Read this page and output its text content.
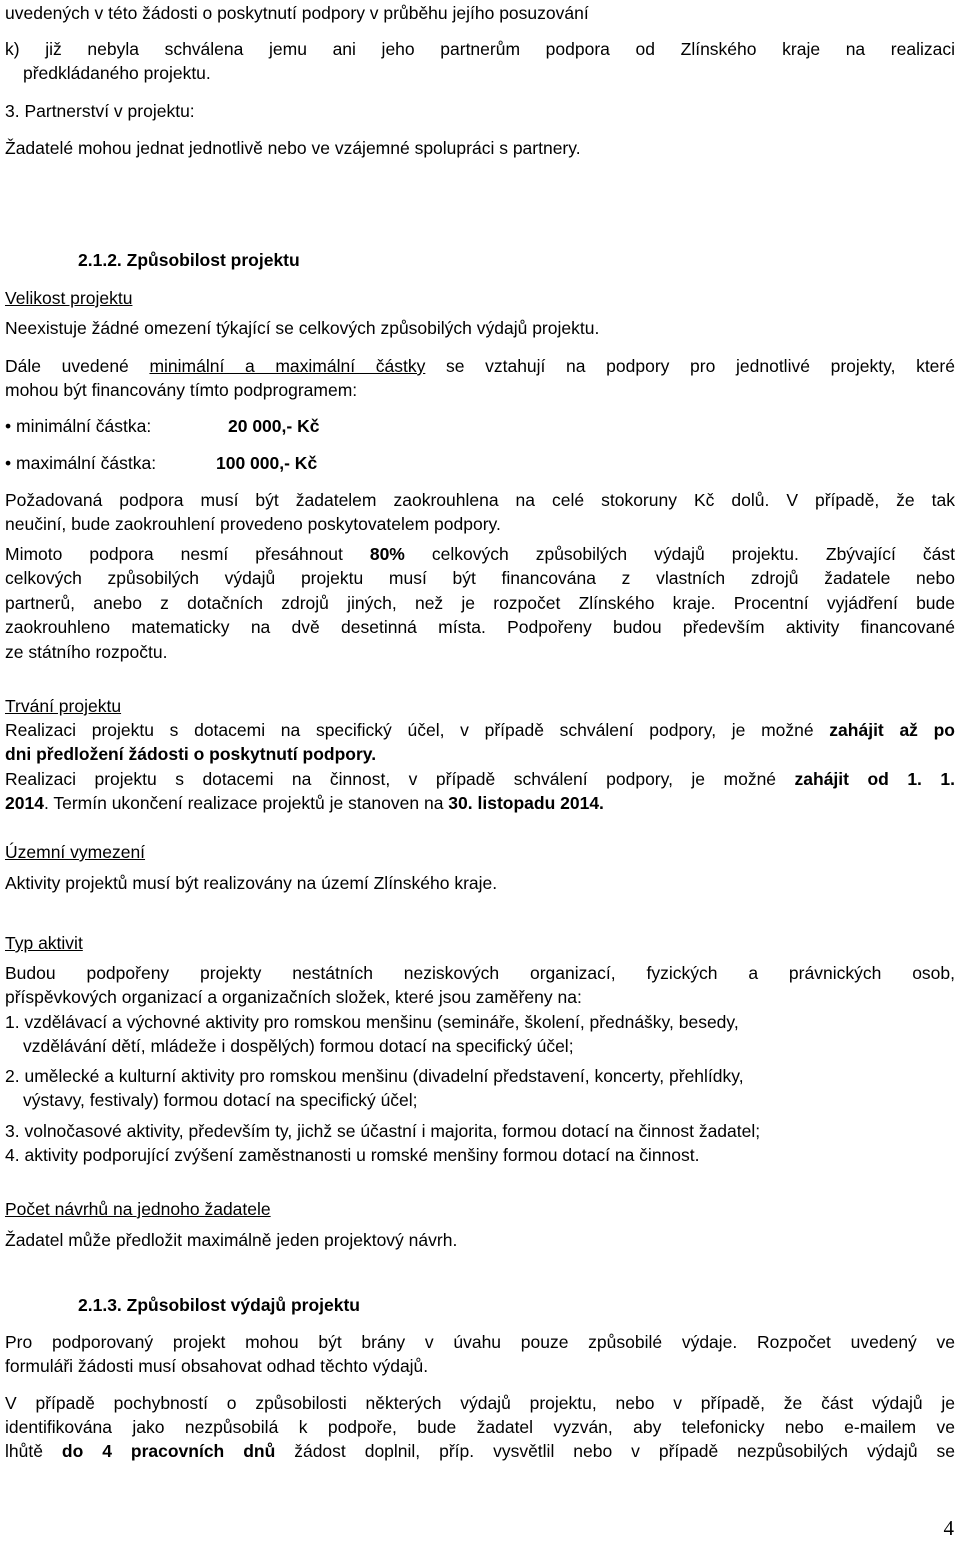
uvedených v této žádosti o poskytnutí podpory v průběhu jejího posuzování
k) již nebyla schválena jemu ani jeho partnerům podpora od Zlínského kraje na realizaci
předkládaného projektu.
3. Partnerství v projektu:
Žadatelé mohou jednat jednotlivě nebo ve vzájemné spolupráci s partnery.
2.1.2. Způsobilost projektu
Velikost projektu
Neexistuje žádné omezení týkající se celkových způsobilých výdajů projektu.
Dále uvedené minimální a maximální částky se vztahují na podpory pro jednotlivé projekty, které
mohou být financovány tímto podprogramem:
• minimální částka:	20 000,- Kč
• maximální částka:	100 000,- Kč
Požadovaná podpora musí být žadatelem zaokrouhlena na celé stokoruny Kč dolů. V případě, že tak
neučiní, bude zaokrouhlení provedeno poskytovatelem podpory.
Mimoto podpora nesmí přesáhnout 80% celkových způsobilých výdajů projektu. Zbývající část
celkových způsobilých výdajů projektu musí být financována z vlastních zdrojů žadatele nebo
partnerů, anebo z dotačních zdrojů jiných, než je rozpočet Zlínského kraje. Procentní vyjádření bude
zaokrouhleno matematicky na dvě desetinná místa. Podpořeny budou především aktivity financované
ze státního rozpočtu.
Trvání projektu
Realizaci projektu s dotacemi na specifický účel, v případě schválení podpory, je možné zahájit až po
dni předložení žádosti o poskytnutí podpory.
Realizaci projektu s dotacemi na činnost, v případě schválení podpory, je možné zahájit od 1. 1.
2014. Termín ukončení realizace projektů je stanoven na 30. listopadu 2014.
Územní vymezení
Aktivity projektů musí být realizovány na území Zlínského kraje.
Typ aktivit
Budou podpořeny projekty nestátních neziskových organizací, fyzických a právnických osob,
příspěvkových organizací a organizačních složek, které jsou zaměřeny na:
1. vzdělávací a výchovné aktivity pro romskou menšinu (semináře, školení, přednášky, besedy,
vzdělávání dětí, mládeže i dospělých) formou dotací na specifický účel;
2. umělecké a kulturní aktivity pro romskou menšinu (divadelní představení, koncerty, přehlídky,
výstavy, festivaly) formou dotací na specifický účel;
3. volnočasové aktivity, především ty, jichž se účastní i majorita, formou dotací na činnost žadatel;
4. aktivity podporující zvýšení zaměstnanosti u romské menšiny formou dotací na činnost.
Počet návrhů na jednoho žadatele
Žadatel může předložit maximálně jeden projektový návrh.
2.1.3. Způsobilost výdajů projektu
Pro podporovaný projekt mohou být brány v úvahu pouze způsobilé výdaje. Rozpočet uvedený ve
formuláři žádosti musí obsahovat odhad těchto výdajů.
V případě pochybností o způsobilosti některých výdajů projektu, nebo v případě, že část výdajů je
identifikována jako nezpůsobilá k podpoře, bude žadatel vyzván, aby telefonicky nebo e-mailem ve
lhůtě do 4 pracovních dnů žádost doplnil, příp. vysvětlil nebo v případě nezpůsobilých výdajů se
4
